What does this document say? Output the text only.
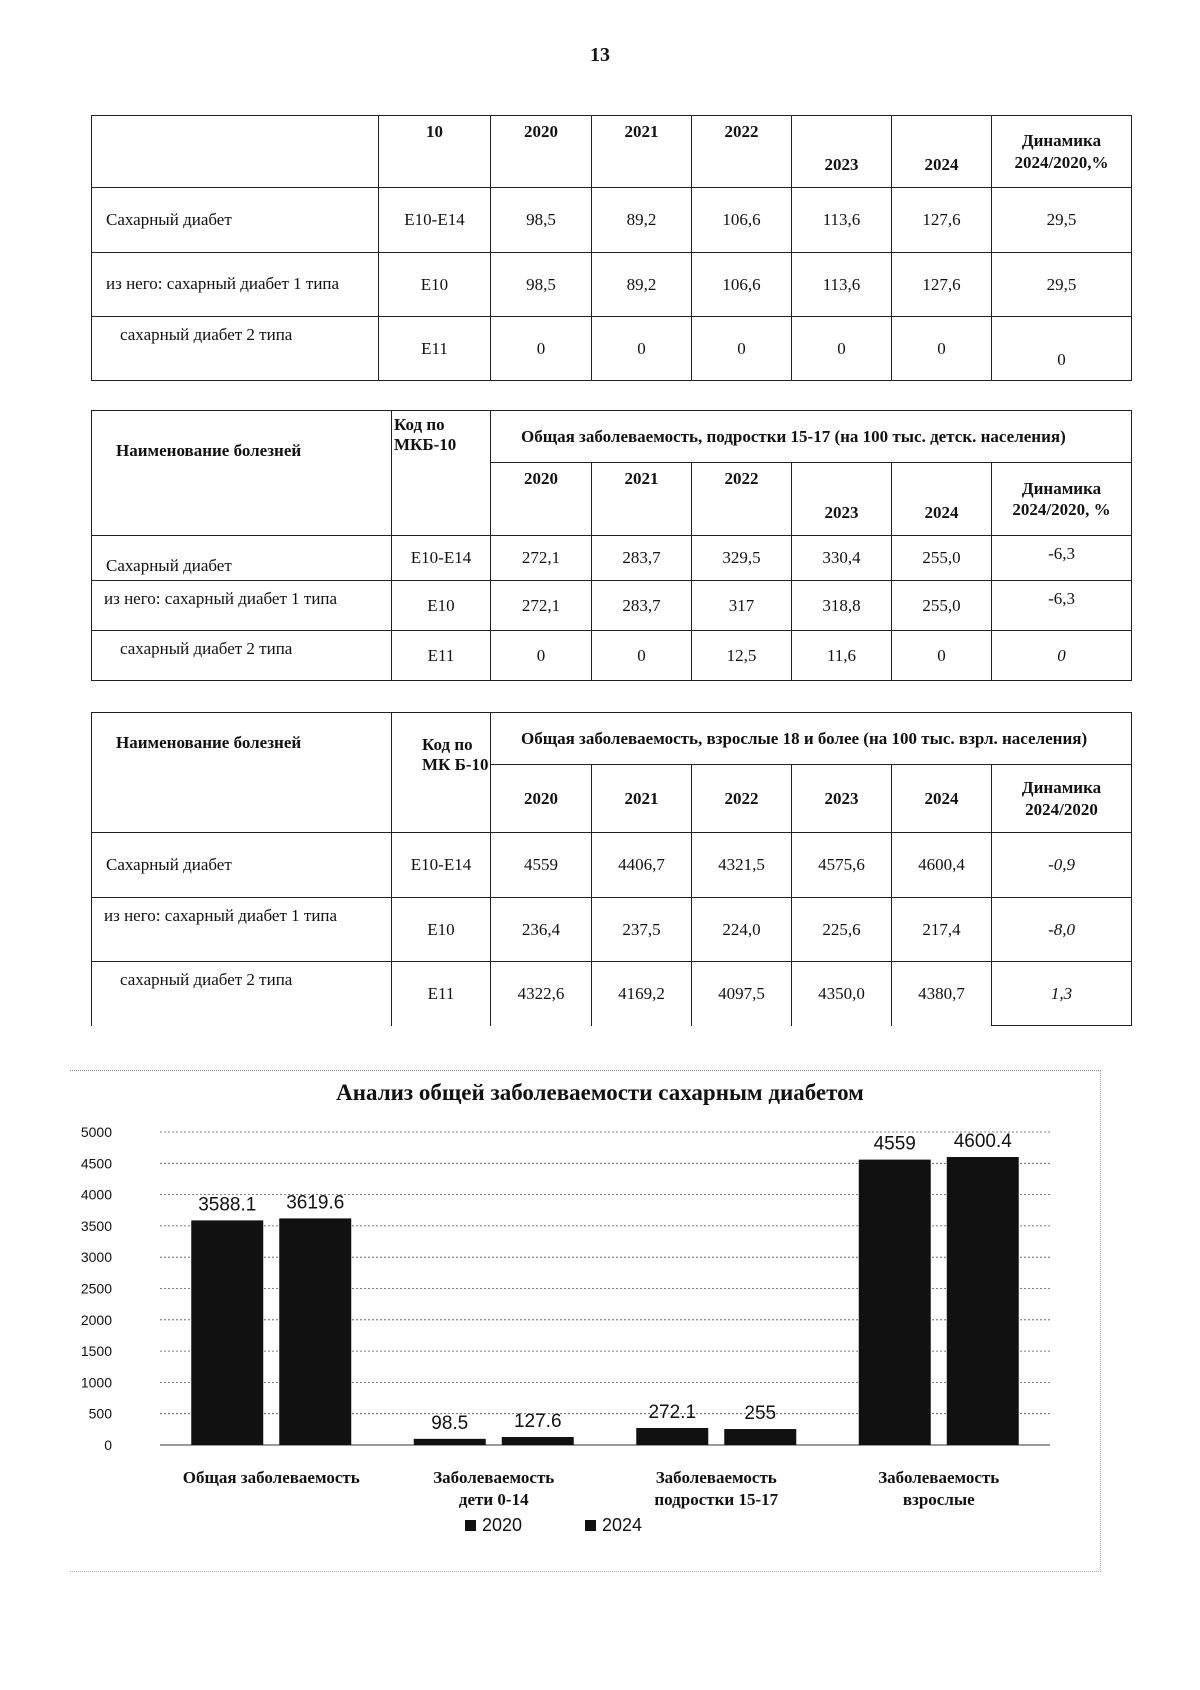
13
	10	2020	2021	2022	2023	2024	Динамика 2024/2020,%
Сахарный диабет	E10-E14	98,5	89,2	106,6	113,6	127,6	29,5
из него: сахарный диабет 1 типа	E10	98,5	89,2	106,6	113,6	127,6	29,5
сахарный диабет 2 типа	E11	0	0	0	0	0	0
Наименование болезней	Код по МКБ-10	Общая заболеваемость, подростки 15-17 (на 100 тыс. детск. населения)					
		2020	2021	2022	2023	2024	Динамика 2024/2020, %
Сахарный диабет	E10-E14	272,1	283,7	329,5	330,4	255,0	-6,3
из него: сахарный диабет 1 типа	E10	272,1	283,7	317	318,8	255,0	-6,3
сахарный диабет 2 типа	E11	0	0	12,5	11,6	0	0
Наименование болезней	Код по МК Б-10	Общая заболеваемость, взрослые 18 и более (на 100 тыс. взрл. населения)					
		2020	2021	2022	2023	2024	Динамика 2024/2020
Сахарный диабет	E10-E14	4559	4406,7	4321,5	4575,6	4600,4	-0,9
из него: сахарный диабет 1 типа	E10	236,4	237,5	224,0	225,6	217,4	-8,0
сахарный диабет 2 типа	E11	4322,6	4169,2	4097,5	4350,0	4380,7	1,3
Анализ общей заболеваемости сахарным диабетом
0
500
1000
1500
2000
2500
3000
3500
4000
4500
5000
3588.1 3619.6
Общая заболеваемость
98.5 127.6
Заболеваемость
дети 0-14
272.1	255
Заболеваемость
подростки 15-17
4559 4600.4
Заболеваемость
взрослые
2020	2024
